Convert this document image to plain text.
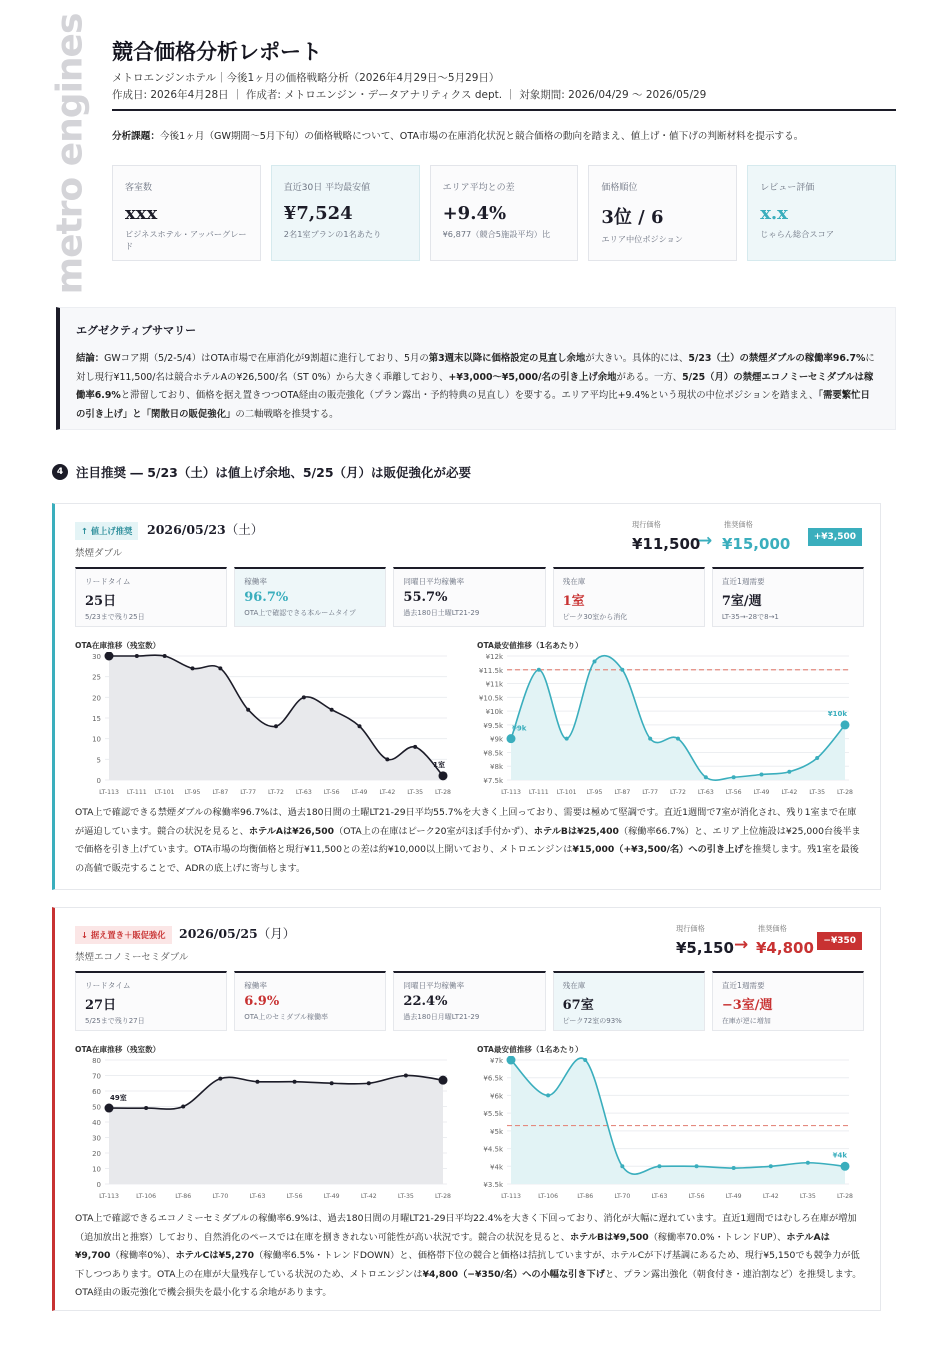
metro engines 競合価格分析レポート
メトロエンジンホテル｜今後1ヶ月の価格戦略分析（2026年4月29日〜5月29日）
作成日: 2026年4月28日 ｜ 作成者: メトロエンジン・データアナリティクス dept. ｜ 対象期間: 2026/04/29 〜 2026/05/29
分析課題：今後1ヶ月（GW期間〜5月下旬）の価格戦略について、OTA市場の在庫消化状況と競合価格の動向を踏まえ、値上げ・値下げの判断材料を提示する。
客室数
xxx
ビジネスホテル・アッパーグレード
直近30日 平均最安値
¥7,524
2名1室プランの1名あたり
エリア平均との差
+9.4%
¥6,877（競合5施設平均）比
価格順位
3位 / 6
エリア中位ポジション
レビュー評価
x.x
じゃらん総合スコア
エグゼクティブサマリー
結論：GWコア期（5/2-5/4）はOTA市場で在庫消化が9割超に進行しており、5月の第3週末以降に価格設定の見直し余地が大きい。具体的には、5/23（土）の禁煙ダブルの稼働率96.7%に対し現行¥11,500/名は競合ホテルAの¥26,500/名（ST 0%）から大きく乖離しており、+¥3,000〜¥5,000/名の引き上げ余地がある。一方、5/25（月）の禁煙エコノミーセミダブルは稼働率6.9%と滞留しており、価格を据え置きつつOTA経由の販売強化（プラン露出・予約特典の見直し）を要する。エリア平均比+9.4%という現状の中位ポジションを踏まえ、「需要繁忙日の引き上げ」と「閑散日の販促強化」の二軸戦略を推奨する。
4	注目推奨 ― 5/23（土）は値上げ余地、5/25（月）は販促強化が必要
↑ 値上げ推奨	2026/05/23（土）
禁煙ダブル
現行価格	推奨価格
¥11,500
→ ¥15,000	+¥3,500
リードタイム
25日
5/23まで残り25日
稼働率
96.7%
OTA上で確認できる本ルームタイプ
同曜日平均稼働率
55.7%
過去180日土曜LT21-29
残在庫
1室
ピーク30室から消化
直近1週需要
7室/週
LT-35→-28で8→1
OTA在庫推移（残室数）
0
5
10
15
20
25
30
LT-113 LT-111 LT-101 LT-95 LT-87 LT-77 LT-72 LT-63 LT-56 LT-49 LT-42 LT-35 LT-28
1室
OTA最安値推移（1名あたり）
¥7.5k
¥8k
¥8.5k
¥9k
¥9.5k
¥10k
¥10.5k
¥11k
¥11.5k
¥12k
LT-113 LT-111 LT-101 LT-95 LT-87 LT-77 LT-72 LT-63 LT-56 LT-49 LT-42 LT-35 LT-28
¥9k
¥10k
OTA上で確認できる禁煙ダブルの稼働率96.7%は、過去180日間の土曜LT21-29日平均55.7%を大きく上回っており、需要は極めて堅調です。直近1週間で7室が消化され、残り1室まで在庫が逼迫しています。競合の状況を見ると、ホテルAは¥26,500（OTA上の在庫はピーク20室がほぼ手付かず）、ホテルBは¥25,400（稼働率66.7%）と、エリア上位施設は¥25,000台後半まで価格を引き上げています。OTA市場の均衡価格と現行¥11,500との差は約¥10,000以上開いており、メトロエンジンは¥15,000（+¥3,500/名）への引き上げを推奨します。残1室を最後の高値で販売することで、ADRの底上げに寄与します。
↓ 据え置き＋販促強化	2026/05/25（月）
禁煙エコノミーセミダブル
現行価格	推奨価格
¥5,150 → ¥4,800	−¥350
リードタイム
27日
5/25まで残り27日
稼働率
6.9%
OTA上のセミダブル稼働率
同曜日平均稼働率
22.4%
過去180日月曜LT21-29
残在庫
67室
ピーク72室の93%
直近1週需要
−3室/週
在庫が逆に増加
OTA在庫推移（残室数）
0
10
20
30
40
50
60
70
80
LT-113	LT-106	LT-86	LT-70	LT-63	LT-56	LT-49	LT-42	LT-35	LT-28
49室
OTA最安値推移（1名あたり）
¥3.5k
¥4k
¥4.5k
¥5k
¥5.5k
¥6k
¥6.5k
¥7k
LT-113	LT-106	LT-86	LT-70	LT-63	LT-56	LT-49	LT-42	LT-35	LT-28
¥4k
OTA上で確認できるエコノミーセミダブルの稼働率6.9%は、過去180日間の月曜LT21-29日平均22.4%を大きく下回っており、消化が大幅に遅れています。直近1週間ではむしろ在庫が増加（追加放出と推察）しており、自然消化のペースでは在庫を捌ききれない可能性が高い状況です。競合の状況を見ると、ホテルBは¥9,500（稼働率70.0%・トレンドUP）、ホテルAは¥9,700（稼働率0%）、ホテルCは¥5,270（稼働率6.5%・トレンドDOWN）と、価格帯下位の競合と価格は拮抗していますが、ホテルCが下げ基調にあるため、現行¥5,150でも競争力が低下しつつあります。OTA上の在庫が大量残存している状況のため、メトロエンジンは¥4,800（−¥350/名）への小幅な引き下げと、プラン露出強化（朝食付き・連泊割など）を推奨します。OTA経由の販売強化で機会損失を最小化する余地があります。
